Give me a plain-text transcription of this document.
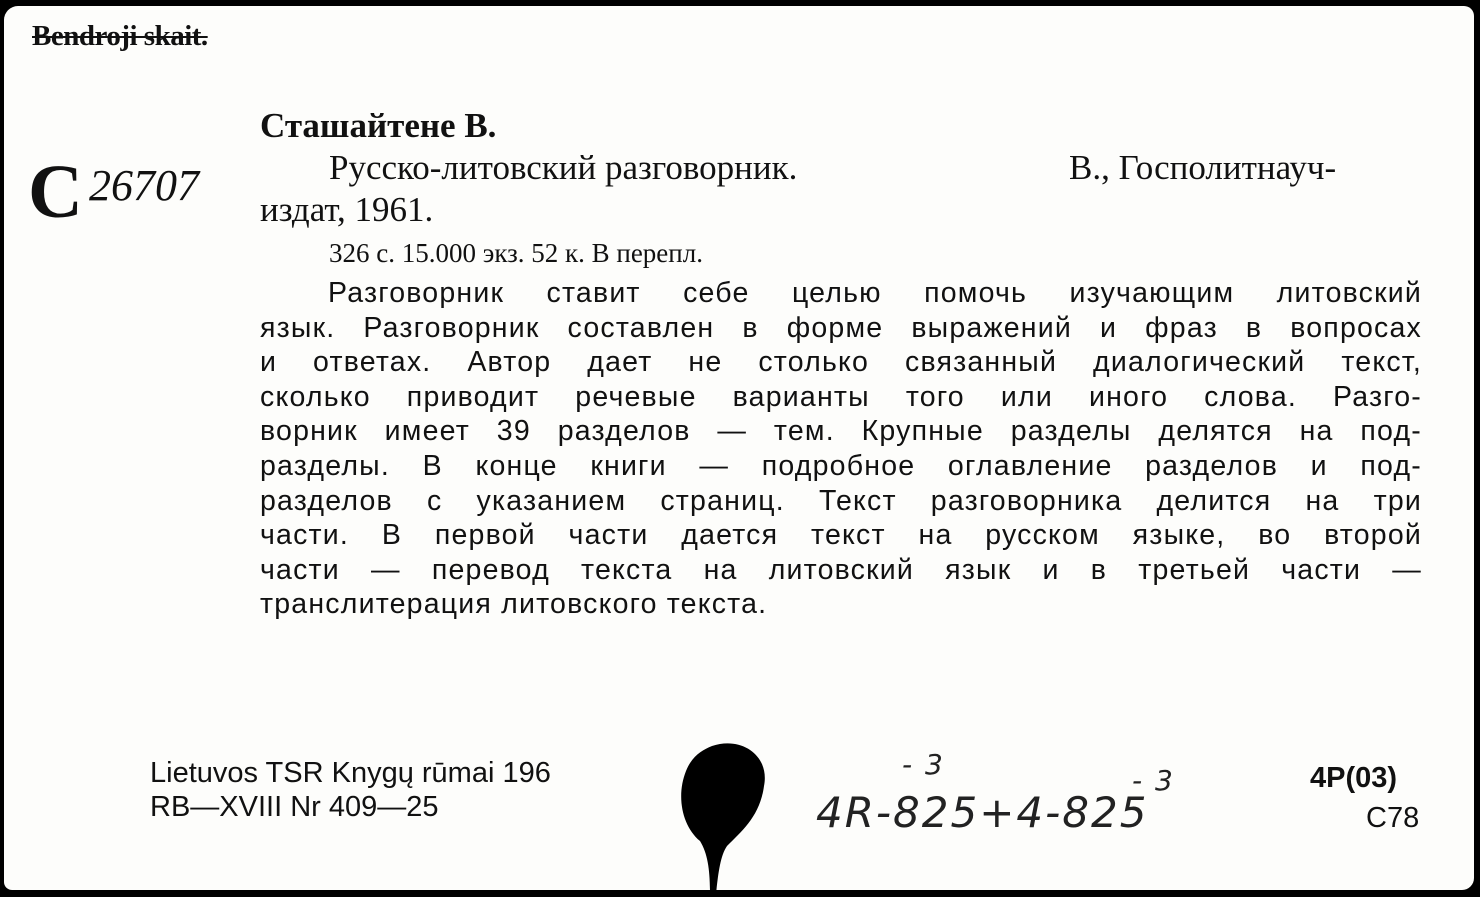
Bendroji skait.
C 26707
Сташайтене В.
Русско-литовский разговорник.	В., Госполитнауч-
издат, 1961.
326 с. 15.000 экз. 52 к. В перепл.
Разговорник ставит себе целью помочь изучающим литовский
язык. Разговорник составлен в форме выражений и фраз в вопросах
и ответах. Автор дает не столько связанный диалогический текст,
сколько приводит речевые варианты того или иного слова. Разго-
ворник имеет 39 разделов — тем. Крупные разделы делятся на под-
разделы. В конце книги — подробное оглавление разделов и под-
разделов с указанием страниц. Текст разговорника делится на три
части. В первой части дается текст на русском языке, во второй
части — перевод текста на литовский язык и в третьей части —
транслитерация литовского текста.
Lietuvos TSR Knygų rūmai 196
RB—XVIII Nr 409—25
- 3	- 3
4R-825+4-825
4P(03)
C78
